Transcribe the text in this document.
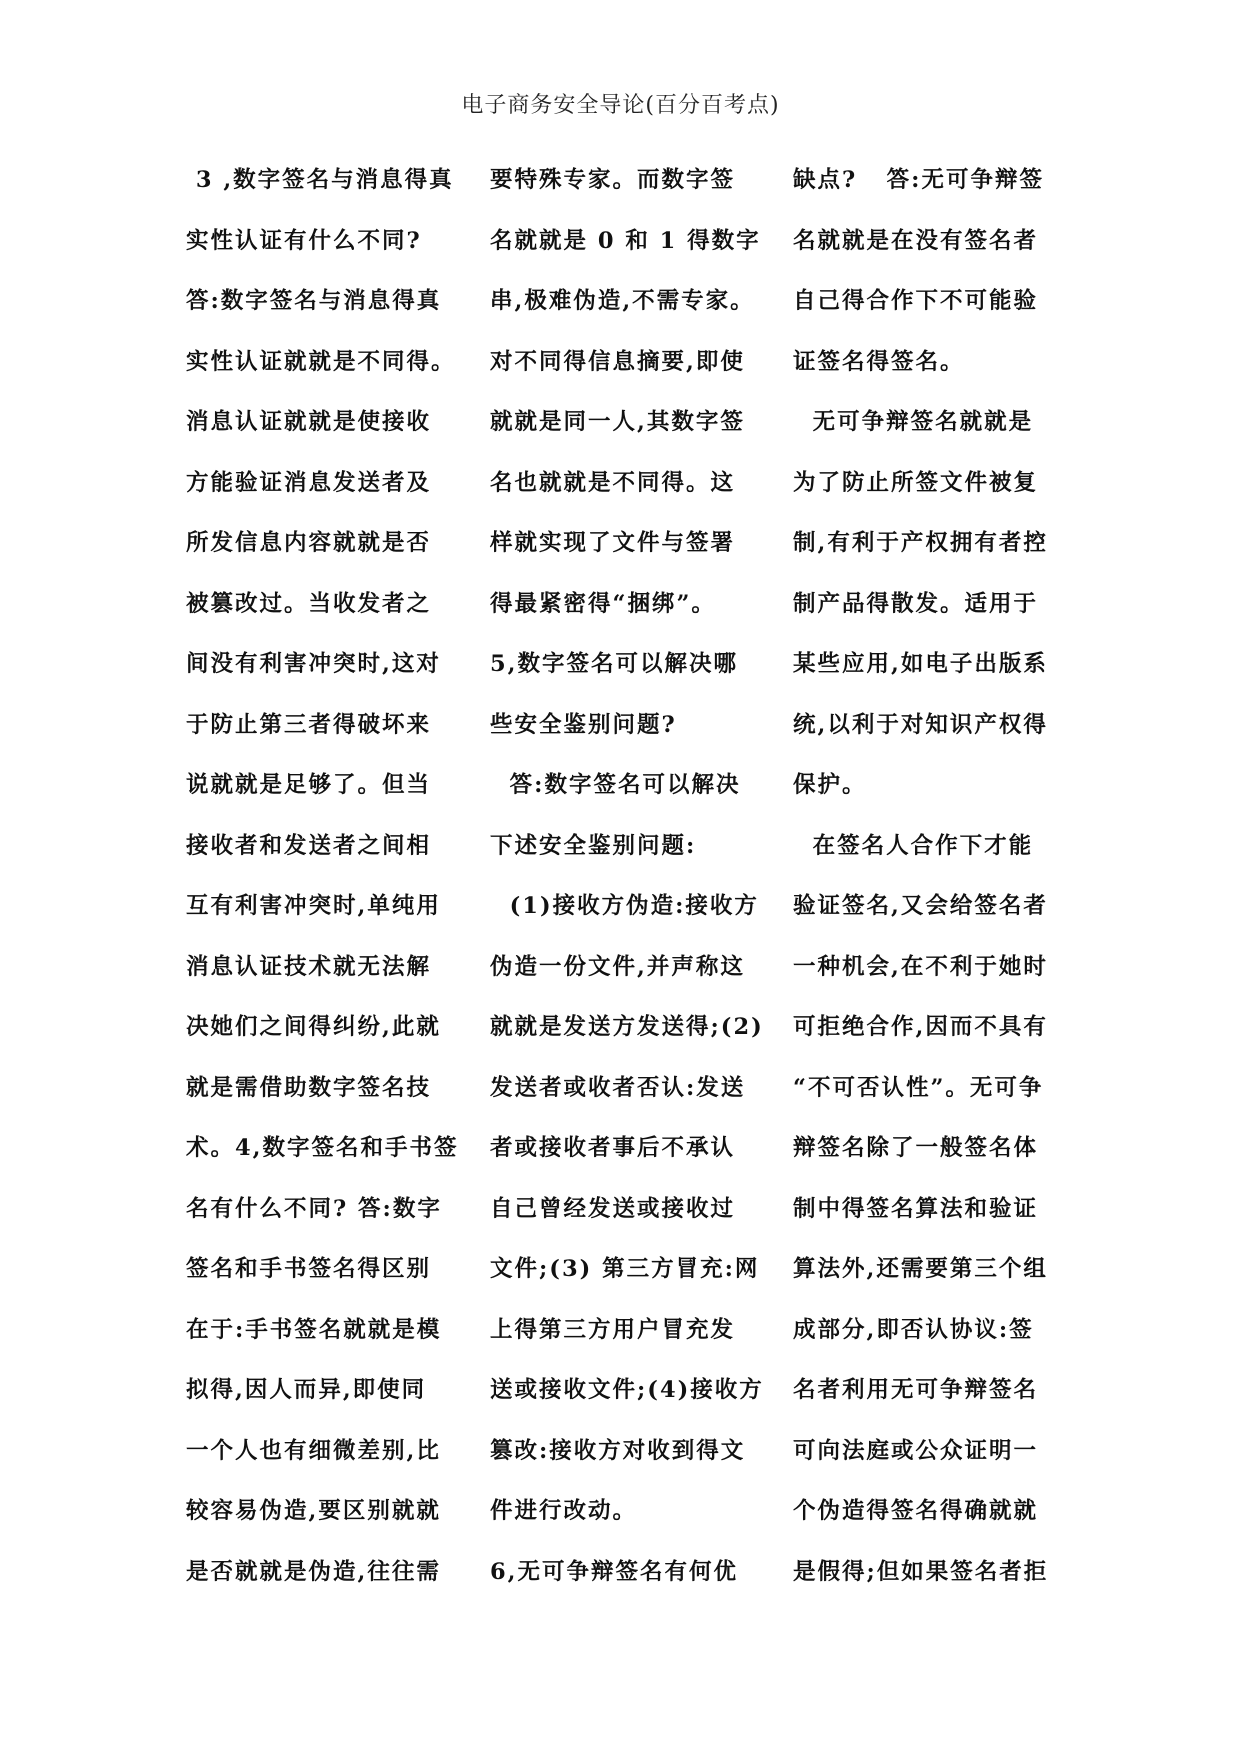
电子商务安全导论(百分百考点)
3 ,数字签名与消息得真
实性认证有什么不同?
答:数字签名与消息得真
实性认证就就是不同得。
消息认证就就是使接收
方能验证消息发送者及
所发信息内容就就是否
被篡改过。当收发者之
间没有利害冲突时,这对
于防止第三者得破坏来
说就就是足够了。但当
接收者和发送者之间相
互有利害冲突时,单纯用
消息认证技术就无法解
决她们之间得纠纷,此就
就是需借助数字签名技
术。4,数字签名和手书签
名有什么不同? 答:数字
签名和手书签名得区别
在于:手书签名就就是模
拟得,因人而异,即使同
一个人也有细微差别,比
较容易伪造,要区别就就
是否就就是伪造,往往需
要特殊专家。而数字签
名就就是 0 和 1 得数字
串,极难伪造,不需专家。
对不同得信息摘要,即使
就就是同一人,其数字签
名也就就是不同得。这
样就实现了文件与签署
得最紧密得“捆绑”。
5,数字签名可以解决哪
些安全鉴别问题?
答:数字签名可以解决
下述安全鉴别问题:
(1)接收方伪造:接收方
伪造一份文件,并声称这
就就是发送方发送得;(2)
发送者或收者否认:发送
者或接收者事后不承认
自己曾经发送或接收过
文件;(3) 第三方冒充:网
上得第三方用户冒充发
送或接收文件;(4)接收方
篡改:接收方对收到得文
件进行改动。
6,无可争辩签名有何优
缺点?   答:无可争辩签
名就就是在没有签名者
自己得合作下不可能验
证签名得签名。
无可争辩签名就就是
为了防止所签文件被复
制,有利于产权拥有者控
制产品得散发。适用于
某些应用,如电子出版系
统,以利于对知识产权得
保护。
在签名人合作下才能
验证签名,又会给签名者
一种机会,在不利于她时
可拒绝合作,因而不具有
“不可否认性”。无可争
辩签名除了一般签名体
制中得签名算法和验证
算法外,还需要第三个组
成部分,即否认协议:签
名者利用无可争辩签名
可向法庭或公众证明一
个伪造得签名得确就就
是假得;但如果签名者拒
